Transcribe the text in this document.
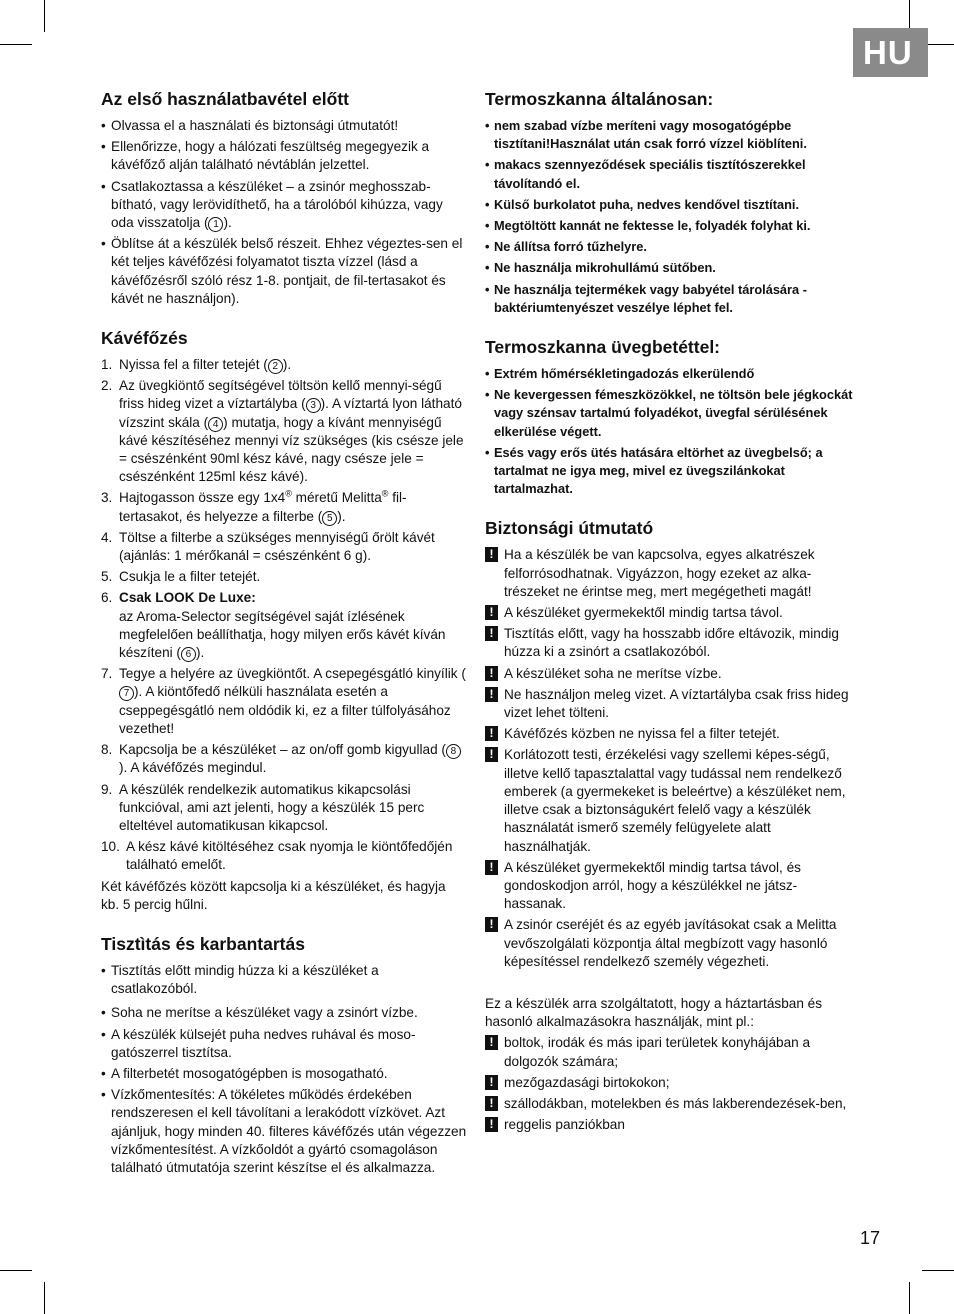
HU
Az első használatbavétel előtt
• Olvassa el a használati és biztonsági útmutatót!
• Ellenőrizze, hogy a hálózati feszültség megegyezik a kávéfőző alján található névtáblán jelzettel.
• Csatlakoztassa a készüléket – a zsinór meghosszab-bítható, vagy lerövidíthető, ha a tárolóból kihúzza, vagy oda visszatolja ( 1 ).
• Öblítse át a készülék belső részeit. Ehhez végeztes-sen el két teljes kávéfőzési folyamatot tiszta vízzel (lásd a kávéfőzésről szóló rész 1-8. pontjait, de fil-tertasakot és kávét ne használjon).
Kávéfőzés
1. Nyissa fel a filter tetejét ( 2 ).
2. Az üvegkiöntő segítségével töltsön kellő mennyi-ségű friss hideg vizet a víztartályba ( 3 ). A víztartá lyon látható vízszint skála ( 4 ) mutatja, hogy a kívánt mennyiségű kávé készítéséhez mennyi víz szükséges (kis csésze jele = csészénként 90ml kész kávé, nagy csésze jele = csészénként 125ml kész kávé).
3. Hajtogasson össze egy 1x4® méretű Melitta® fil-tertasakot, és helyezze a filterbe ( 5 ).
4. Töltse a filterbe a szükséges mennyiségű őrölt kávét (ajánlás: 1 mérőkanál = csészénként 6 g).
5. Csukja le a filter tetejét.
6. Csak LOOK De Luxe:
az Aroma-Selector segítségével saját ízlésének megfelelően beállíthatja, hogy milyen erős kávét kíván készíteni ( 6 ).
7. Tegye a helyére az üvegkiöntőt. A csepegésgátló kinyílik (7 ). A kiöntőfedő nélküli használata esetén a cseppegésgátló nem oldódik ki, ez a filter túlfolyásához vezethet!
8. Kapcsolja be a készüléket – az on/off gomb kigyullad ( 8). A kávéfőzés megindul.
9. A készülék rendelkezik automatikus kikapcsolási funkcióval, ami azt jelenti, hogy a készülék 15 perc elteltével automatikusan kikapcsol.
10. A kész kávé kitöltéséhez csak nyomja le kiöntőfedőjén található emelőt.

Két kávéfőzés között kapcsolja ki a készüléket, és hagyja kb. 5 percig hűlni.

Tisztìtás és karbantartás
• Tisztítás előtt mindig húzza ki a készüléket a csatlakozóból.
• Soha ne merítse a készüléket vagy a zsinórt vízbe.
• A készülék külsejét puha nedves ruhával és moso-gatószerrel tisztítsa.
• A filterbetét mosogatógépben is mosogatható.
• Vízkőmentesítés: A tökéletes működés érdekében rendszeresen el kell távolítani a lerakódott vízkövet. Azt ajánljuk, hogy minden 40. filteres kávéfőzés után végezzen vízkőmentesítést. A vízkőoldót a gyártó csomagoláson található útmutatója szerint készítse el és alkalmazza.
Termoszkanna általánosan:
• nem szabad vízbe meríteni vagy mosogatógépbe tisztítani!Használat után csak forró vízzel kiöblíteni.
• makacs szennyeződések speciális tisztítószerekkel távolítandó el.
• Külső burkolatot puha, nedves kendővel tisztítani.
• Megtöltött kannát ne fektesse le, folyadék folyhat ki.
• Ne állítsa forró tűzhelyre.
• Ne használja mikrohullámú sütőben.
• Ne használja tejtermékek vagy babyétel tárolására - baktériumtenyészet veszélye léphet fel.
Termoszkanna üvegbetéttel:
• Extrém hőmérsékletingadozás elkerülendő
• Ne kevergessen fémeszközökkel, ne töltsön bele jégkockát vagy szénsav tartalmú folyadékot, üvegfal sérülésének elkerülése végett.
• Esés vagy erős ütés hatására eltörhet az üvegbelső; a tartalmat ne igya meg, mivel ez üvegszilánkokat tartalmazhat.
Biztonsági útmutató
! Ha a készülék be van kapcsolva, egyes alkatrészek felforrósodhatnak. Vigyázzon, hogy ezeket az alka-trészeket ne érintse meg, mert megégetheti magát!
! A készüléket gyermekektől mindig tartsa távol.
! Tisztítás előtt, vagy ha hosszabb időre eltávozik, mindig húzza ki a zsinórt a csatlakozóból.
! A készüléket soha ne merítse vízbe.
! Ne használjon meleg vizet. A víztartályba csak friss hideg vizet lehet tölteni.
! Kávéfőzés közben ne nyissa fel a filter tetejét.
! Korlátozott testi, érzékelési vagy szellemi képes-ségű, illetve kellő tapasztalattal vagy tudással nem rendelkező emberek (a gyermekeket is beleértve) a készüléket nem, illetve csak a biztonságukért felelő vagy a készülék használatát ismerő személy felügyelete alatt használhatják.
! A készüléket gyermekektől mindig tartsa távol, és gondoskodjon arról, hogy a készülékkel ne játsz-hassanak.
! A zsinór cseréjét és az egyéb javításokat csak a Melitta vevőszolgálati központja által megbízott vagy hasonló képesítéssel rendelkező személy végezheti.

Ez a készülék arra szolgáltatott, hogy a háztartásban és hasonló alkalmazásokra használják, mint pl.:

! boltok, irodák és más ipari területek konyhájában a dolgozók számára;
! mezőgazdasági birtokokon;
! szállodákban, motelekben és más lakberendezések-ben,
! reggelis panziókban
17
